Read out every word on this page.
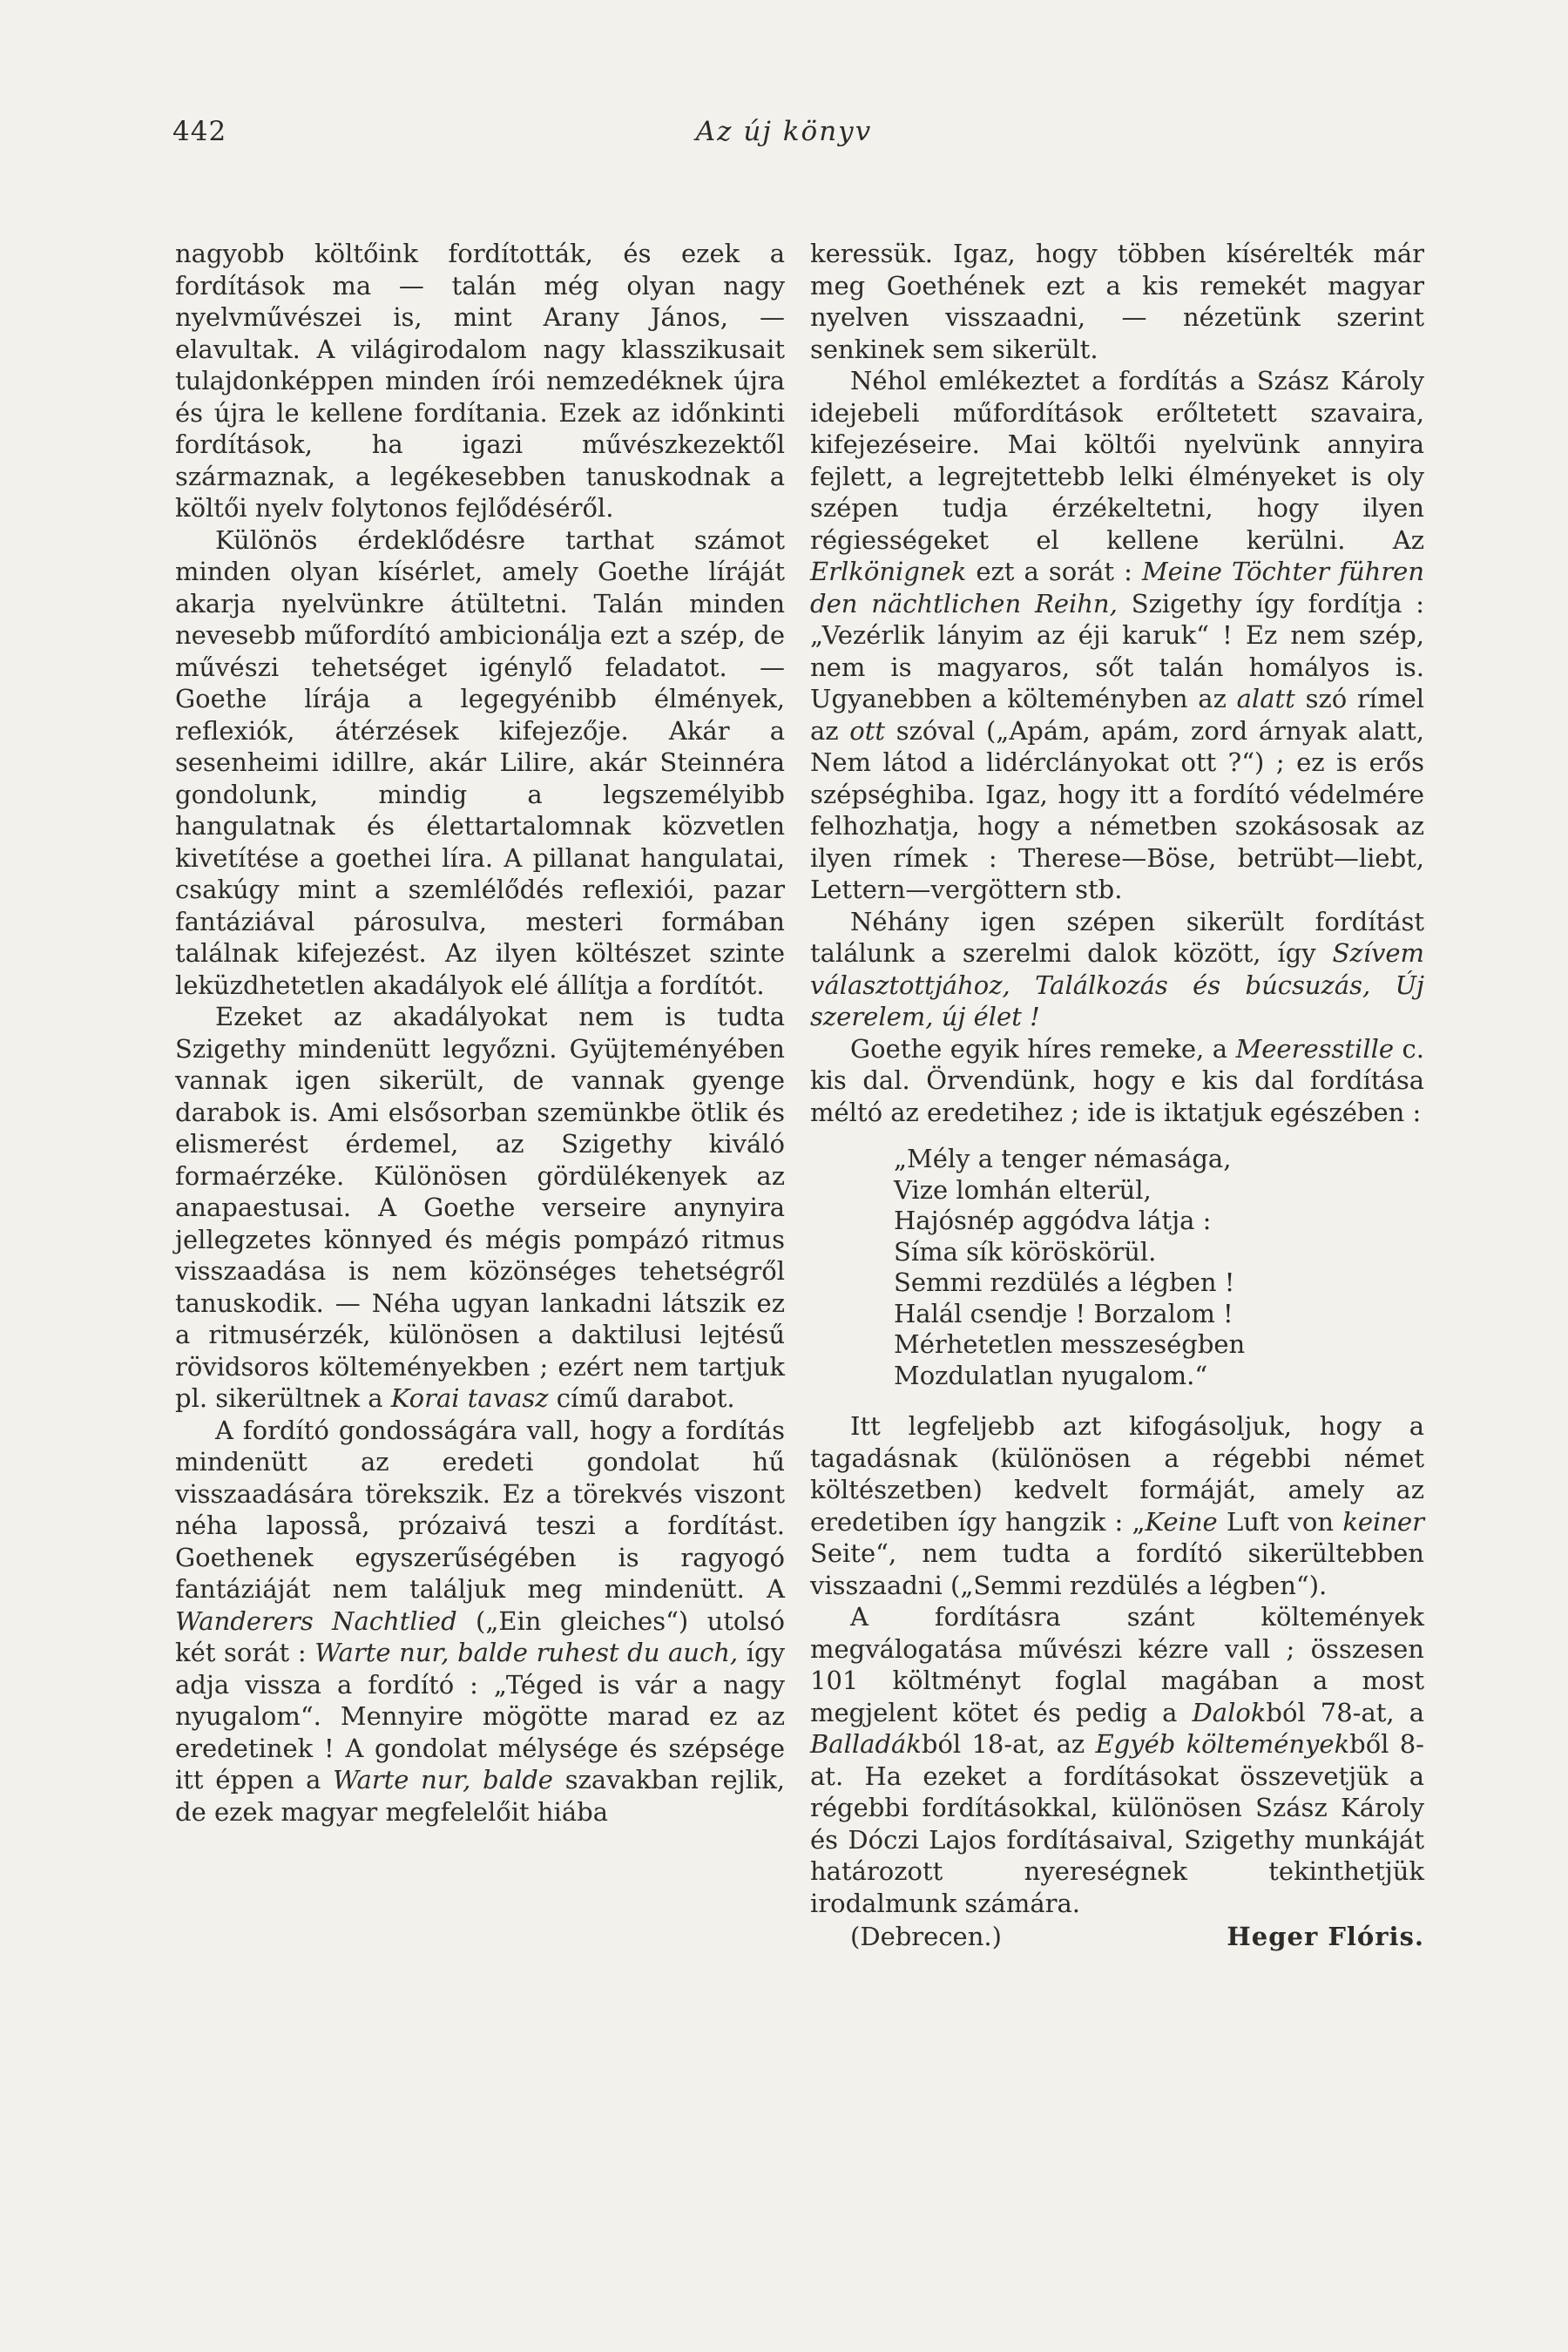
442	Az új könyv

nagyobb költőink fordították, és ezek a fordítások ma — talán még olyan nagy nyelvművészei is, mint Arany János, — elavultak. A világirodalom nagy klasszikusait tulajdonképpen minden írói nemzedéknek újra és újra le kellene fordítania. Ezek az időnkinti fordítások, ha igazi művészkezektől származnak, a legékesebben tanuskodnak a költői nyelv folytonos fejlődéséről.

Különös érdeklődésre tarthat számot minden olyan kísérlet, amely Goethe líráját akarja nyelvünkre átültetni. Talán minden nevesebb műfordító ambicionálja ezt a szép, de művészi tehetséget igénylő feladatot. — Goethe lírája a legegyénibb élmények, reflexiók, átérzések kifejezője. Akár a sesenheimi idillre, akár Lilire, akár Steinnéra gondolunk, mindig a legszemélyibb hangulatnak és élettartalomnak közvetlen kivetítése a goethei líra. A pillanat hangulatai, csakúgy mint a szemlélődés reflexiói, pazar fantáziával párosulva, mesteri formában találnak kifejezést. Az ilyen költészet szinte leküzdhetetlen akadályok elé állítja a fordítót.

Ezeket az akadályokat nem is tudta Szigethy mindenütt legyőzni. Gyüjteményében vannak igen sikerült, de vannak gyenge darabok is. Ami elsősorban szemünkbe ötlik és elismerést érdemel, az Szigethy kiváló formaérzéke. Különösen gördülékenyek az anapaestusai. A Goethe verseire anynyira jellegzetes könnyed és mégis pompázó ritmus visszaadása is nem közönséges tehetségről tanuskodik. — Néha ugyan lankadni látszik ez a ritmusérzék, különösen a daktilusi lejtésű rövidsoros költeményekben ; ezért nem tartjuk pl. sikerültnek a Korai tavasz című darabot.

A fordító gondosságára vall, hogy a fordítás mindenütt az eredeti gondolat hű visszaadására törekszik. Ez a törekvés viszont néha laposså, prózaivá teszi a fordítást. Goethenek egyszerűségében is ragyogó fantáziáját nem találjuk meg mindenütt. A Wanderers Nachtlied („Ein gleiches“) utolsó két sorát : Warte nur, balde ruhest du auch, így adja vissza a fordító : „Téged is vár a nagy nyugalom“. Mennyire mögötte marad ez az eredetinek ! A gondolat mélysége és szépsége itt éppen a Warte nur, balde szavakban rejlik, de ezek magyar megfelelőit hiába

keressük. Igaz, hogy többen kísérelték már meg Goethének ezt a kis remekét magyar nyelven visszaadni, — nézetünk szerint senkinek sem sikerült.

Néhol emlékeztet a fordítás a Szász Károly idejebeli műfordítások erőltetett szavaira, kifejezéseire. Mai költői nyelvünk annyira fejlett, a legrejtettebb lelki élményeket is oly szépen tudja érzékeltetni, hogy ilyen régiességeket el kellene kerülni. Az Erlkönignek ezt a sorát : Meine Töchter führen den nächtlichen Reihn, Szigethy így fordítja : „Vezérlik lányim az éji karuk“ ! Ez nem szép, nem is magyaros, sőt talán homályos is. Ugyanebben a költeményben az alatt szó rímel az ott szóval („Apám, apám, zord árnyak alatt, Nem látod a lidérclányokat ott ?“) ; ez is erős szépséghiba. Igaz, hogy itt a fordító védelmére felhozhatja, hogy a németben szokásosak az ilyen rímek : Therese—Böse, betrübt—liebt, Lettern—vergöttern stb.

Néhány igen szépen sikerült fordítást találunk a szerelmi dalok között, így Szívem választottjához, Találkozás és búcsuzás, Új szerelem, új élet !

Goethe egyik híres remeke, a Meeresstille c. kis dal. Örvendünk, hogy e kis dal fordítása méltó az eredetihez ; ide is iktatjuk egészében :

„Mély a tenger némasága,
Vize lomhán elterül,
Hajósnép aggódva látja :
Síma sík köröskörül.
Semmi rezdülés a légben !
Halál csendje ! Borzalom !
Mérhetetlen messzeségben
Mozdulatlan nyugalom.“

Itt legfeljebb azt kifogásoljuk, hogy a tagadásnak (különösen a régebbi német költészetben) kedvelt formáját, amely az eredetiben így hangzik : „Keine Luft von keiner Seite“, nem tudta a fordító sikerültebben visszaadni („Semmi rezdülés a légben“).

A fordításra szánt költemények megválogatása művészi kézre vall ; összesen 101 költményt foglal magában a most megjelent kötet és pedig a Dalokból 78-at, a Balladákból 18-at, az Egyéb költeményekből 8-at. Ha ezeket a fordításokat összevetjük a régebbi fordításokkal, különösen Szász Károly és Dóczi Lajos fordításaival, Szigethy munkáját határozott nyereségnek tekinthetjük irodalmunk számára.

(Debrecen.)	Heger Flóris.
